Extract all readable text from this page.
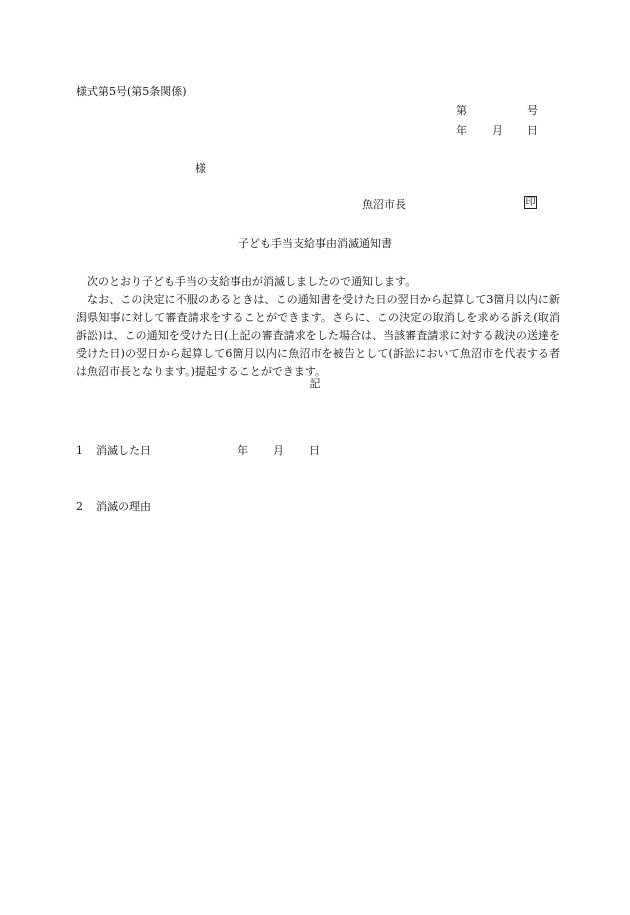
様式第5号(第5条関係)
第	号
年 月 日
様
魚沼市長	印
子ども手当支給事由消滅通知書

次のとおり子ども手当の支給事由が消滅しましたので通知します。

なお、この決定に不服のあるときは、この通知書を受けた日の翌日から起算して3箇月以内に新潟県知事に対して審査請求をすることができます。さらに、この決定の取消しを求める訴え(取消訴訟)は、この通知を受けた日(上記の審査請求をした場合は、当該審査請求に対する裁決の送達を受けた日)の翌日から起算して6箇月以内に魚沼市を被告として(訴訟において魚沼市を代表する者は魚沼市長となります。)提起することができます。

記
1 消滅した日	年 月 日
2 消滅の理由
